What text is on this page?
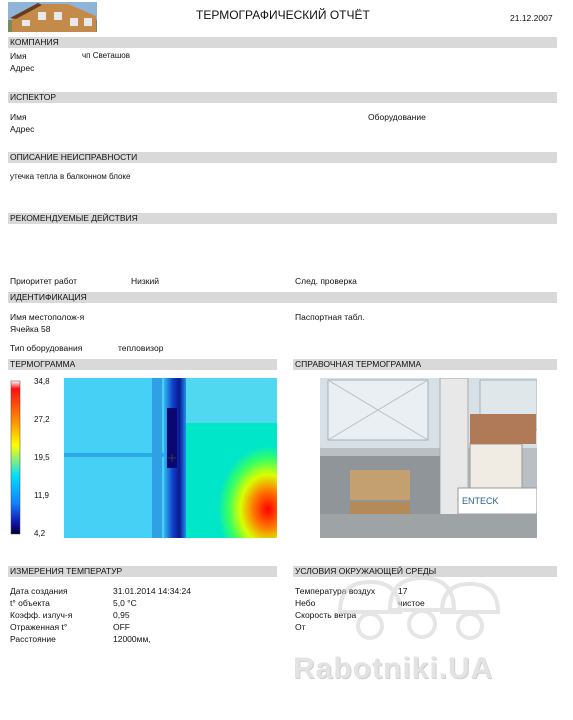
ТЕРМОГРАФИЧЕСКИЙ ОТЧЁТ	21.12.2007
КОМПАНИЯ
Имя	чп Светашов
Адрес
ИСПЕКТОР
Имя	Оборудование
Адрес
ОПИСАНИЕ НЕИСПРАВНОСТИ
утечка тепла в балконном блоке
РЕКОМЕНДУЕМЫЕ ДЕЙСТВИЯ
Приоритет работ	Низкий	След. проверка
ИДЕНТИФИКАЦИЯ
Имя местополож-я	Паспортная табл.
Ячейка 58
Тип оборудования	тепловизор
ТЕРМОГРАММА	СПРАВОЧНАЯ ТЕРМОГРАММА
34,8
27,2
19,5
11,9
4,2
ENTECK
ИЗМЕРЕНИЯ ТЕМПЕРАТУР	УСЛОВИЯ ОКРУЖАЮЩЕЙ СРЕДЫ
Дата создания	31.01.2014 14:34:24
t° объекта	5,0 °C
Коэфф. излуч-я	0,95
Отраженная t°	OFF
Расстояние	12000мм,
Температура воздух	17
Небо	чистое
Скорость ветра
От
Rabotniki.UA
